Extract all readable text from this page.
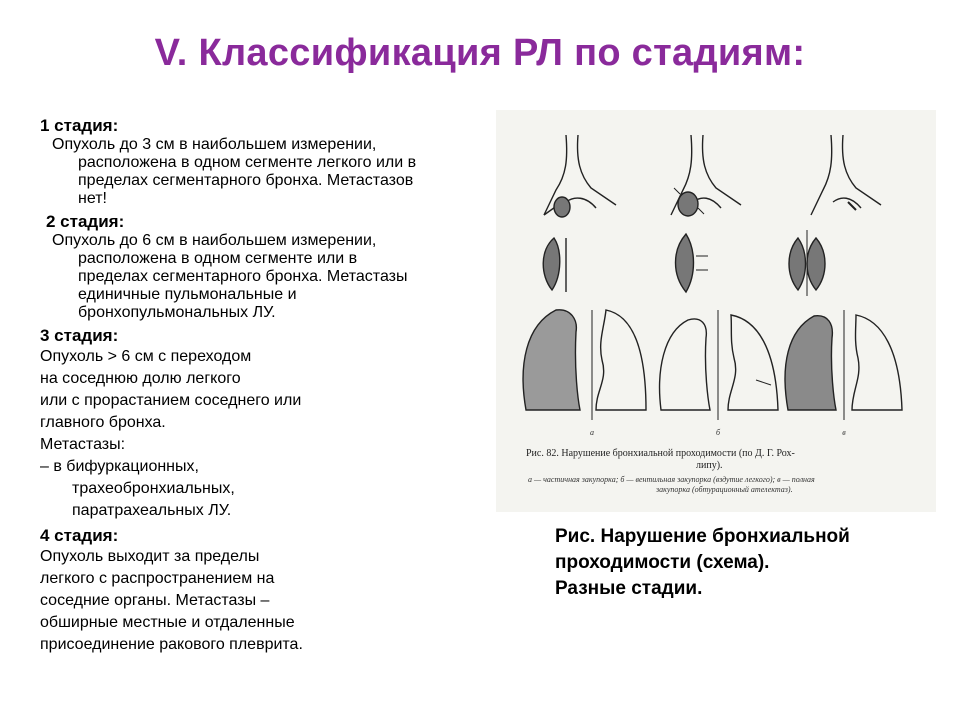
V. Классификация РЛ по стадиям:
1 стадия:
Опухоль до 3 см в наибольшем измерении,
расположена в одном сегменте легкого или в
пределах сегментарного бронха. Метастазов
нет!
2 стадия:
Опухоль до 6 см в наибольшем измерении,
расположена в одном сегменте или в
пределах сегментарного бронха. Метастазы
единичные пульмональные и
бронхопульмональных ЛУ.
3 стадия:
Опухоль > 6 см с переходом
на соседнюю долю легкого
или с прорастанием соседнего или
главного бронха.
Метастазы:
– в бифуркационных,
трахеобронхиальных,
паратрахеальных ЛУ.
4 стадия:
Опухоль выходит за пределы
легкого с распространением на
соседние органы. Метастазы –
обширные местные и отдаленные
присоединение ракового плеврита.
а	б	в
Рис. 82. Нарушение бронхиальной проходимости (по Д. Г. Рох-
липу).
а — частичная закупорка; б — вентильная закупорка (вздутие легкого); в — полная
закупорка (обтурационный ателектаз).
Рис. Нарушение бронхиальной
проходимости (схема).
Разные стадии.
